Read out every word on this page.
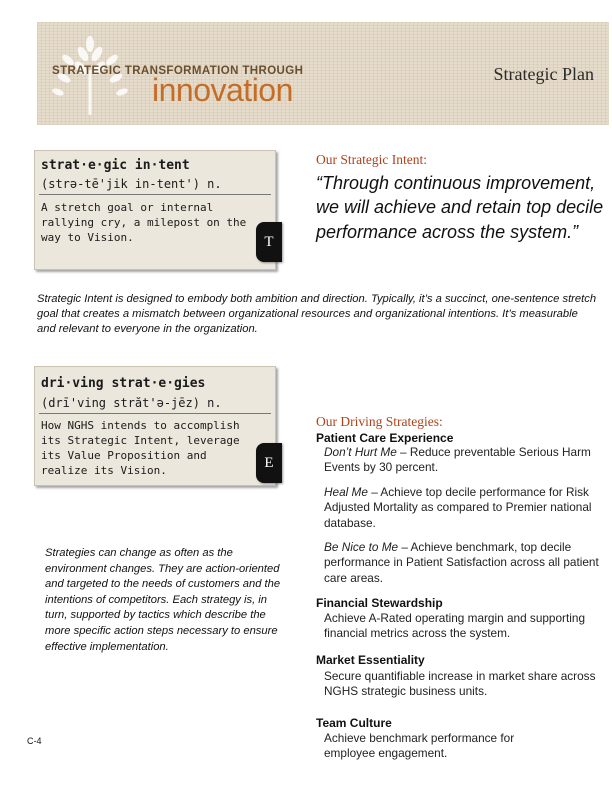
STRATEGIC TRANSFORMATION THROUGH
innovation	Strategic Plan
strat·e·gic in·tent
(strə-tē'jik in-tent') n.
A stretch goal or internal rallying cry, a milepost on the way to Vision.	T
Our Strategic Intent:
“Through continuous improvement, we will achieve and retain top decile performance across the system.”
Strategic Intent is designed to embody both ambition and direction. Typically, it’s a succinct, one-sentence stretch goal that creates a mismatch between organizational resources and organizational intentions. It’s measurable and relevant to everyone in the organization.
dri·ving strat·e·gies
(drī'ving străt'ə-jēz) n.
How NGHS intends to accomplish its Strategic Intent, leverage its Value Proposition and realize its Vision.	E
Strategies can change as often as the environment changes. They are action-oriented and targeted to the needs of customers and the intentions of competitors. Each strategy is, in turn, supported by tactics which describe the more specific action steps necessary to ensure effective implementation.
Our Driving Strategies:
Patient Care Experience
Don’t Hurt Me – Reduce preventable Serious Harm Events by 30 percent.
Heal Me – Achieve top decile performance for Risk Adjusted Mortality as compared to Premier national database.
Be Nice to Me – Achieve benchmark, top decile performance in Patient Satisfaction across all patient care areas.
Financial Stewardship
Achieve A-Rated operating margin and supporting financial metrics across the system.
Market Essentiality
Secure quantifiable increase in market share across NGHS strategic business units.
Team Culture
Achieve benchmark performance for employee engagement.
C-4
